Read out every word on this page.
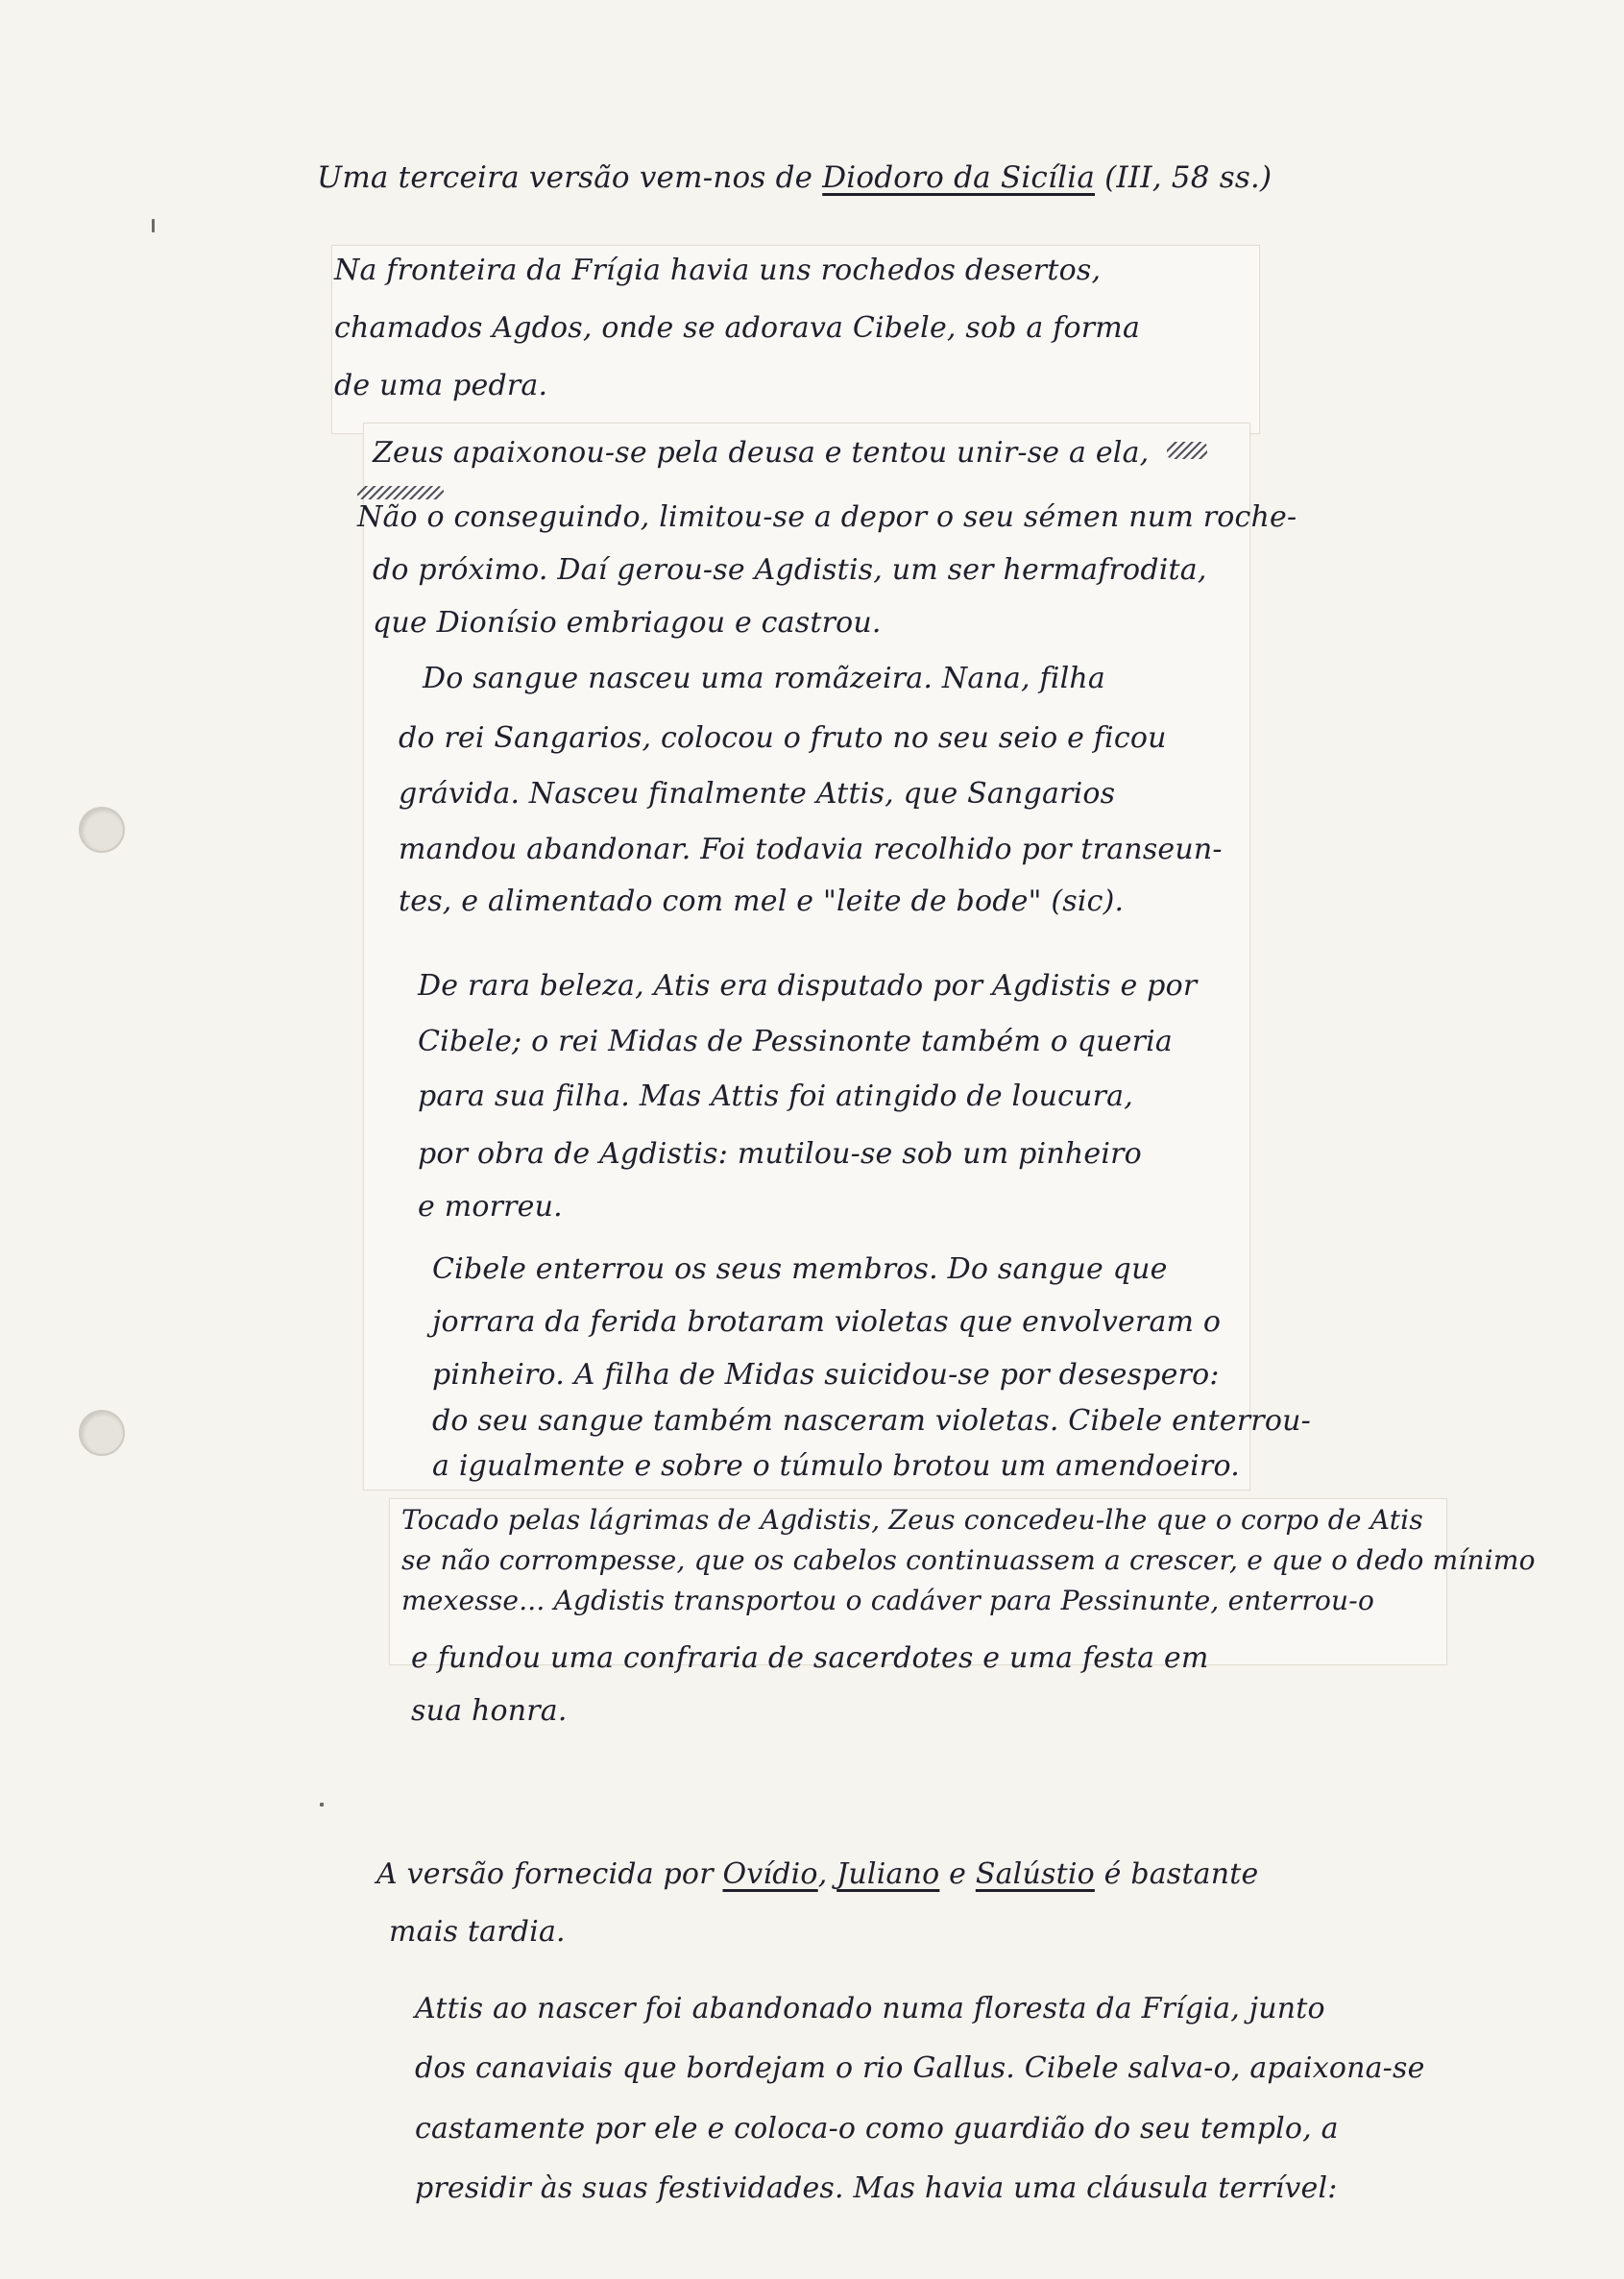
Uma terceira versão vem-nos de Diodoro da Sicília (III, 58 ss.)

Na fronteira da Frígia havia uns rochedos desertos,

chamados Agdos, onde se adorava Cibele, sob a forma

de uma pedra.

Zeus apaixonou-se pela deusa e tentou unir-se a ela,

Não o conseguindo, limitou-se a depor o seu sémen num roche-

do próximo. Daí gerou-se Agdistis, um ser hermafrodita,

que Dionísio embriagou e castrou.

Do sangue nasceu uma romãzeira. Nana, filha

do rei Sangarios, colocou o fruto no seu seio e ficou

grávida. Nasceu finalmente Attis, que Sangarios

mandou abandonar. Foi todavia recolhido por transeun-

tes, e alimentado com mel e "leite de bode" (sic).

De rara beleza, Atis era disputado por Agdistis e por

Cibele; o rei Midas de Pessinonte também o queria

para sua filha. Mas Attis foi atingido de loucura,

por obra de Agdistis: mutilou-se sob um pinheiro

e morreu.

Cibele enterrou os seus membros. Do sangue que

jorrara da ferida brotaram violetas que envolveram o

pinheiro. A filha de Midas suicidou-se por desespero:

do seu sangue também nasceram violetas. Cibele enterrou-

a igualmente e sobre o túmulo brotou um amendoeiro.

Tocado pelas lágrimas de Agdistis, Zeus concedeu-lhe que o corpo de Atis

se não corrompesse, que os cabelos continuassem a crescer, e que o dedo mínimo

mexesse... Agdistis transportou o cadáver para Pessinunte, enterrou-o

e fundou uma confraria de sacerdotes e uma festa em

sua honra.

A versão fornecida por Ovídio, Juliano e Salústio é bastante

mais tardia.

Attis ao nascer foi abandonado numa floresta da Frígia, junto

dos canaviais que bordejam o rio Gallus. Cibele salva-o, apaixona-se

castamente por ele e coloca-o como guardião do seu templo, a

presidir às suas festividades. Mas havia uma cláusula terrível:
